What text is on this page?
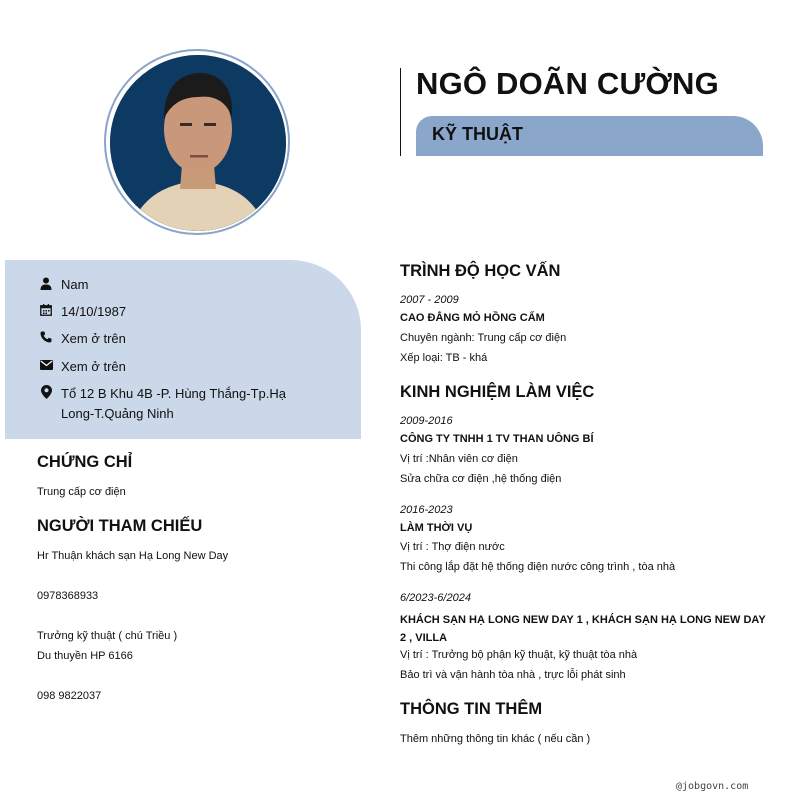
NGÔ DOÃN CƯỜNG
KỸ THUẬT
Nam
14/10/1987
Xem ở trên
Xem ở trên
Tổ 12 B Khu 4B -P. Hùng Thắng-Tp.Hạ Long-T.Quảng Ninh
CHỨNG CHỈ
Trung cấp cơ điện
NGƯỜI THAM CHIẾU
Hr Thuận khách sạn Hạ Long New Day
0978368933
Trưởng kỹ thuật ( chú Triều )
Du thuyền HP 6166
098 9822037
TRÌNH ĐỘ HỌC VẤN
2007 - 2009
CAO ĐẲNG MỎ HỒNG CẨM
Chuyên ngành: Trung cấp cơ điện
Xếp loại: TB - khá
KINH NGHIỆM LÀM VIỆC
2009-2016
CÔNG TY TNHH 1 TV THAN UÔNG BÍ
Vị trí :Nhân viên cơ điện
Sửa chữa cơ điện ,hệ thống điện
2016-2023
LÀM THỜI VỤ
Vị trí : Thợ điện nước
Thi công lắp đặt hệ thống điện nước công trình , tòa nhà
6/2023-6/2024
KHÁCH SẠN HẠ LONG NEW DAY 1 , KHÁCH SẠN HẠ LONG NEW DAY 2 , VILLA
Vị trí : Trưởng bộ phận kỹ thuật, kỹ thuật tòa nhà
Bảo trì và vận hành tòa nhà , trực lỗi phát sinh
THÔNG TIN THÊM
Thêm những thông tin khác ( nếu cần )
@jobgovn.com
